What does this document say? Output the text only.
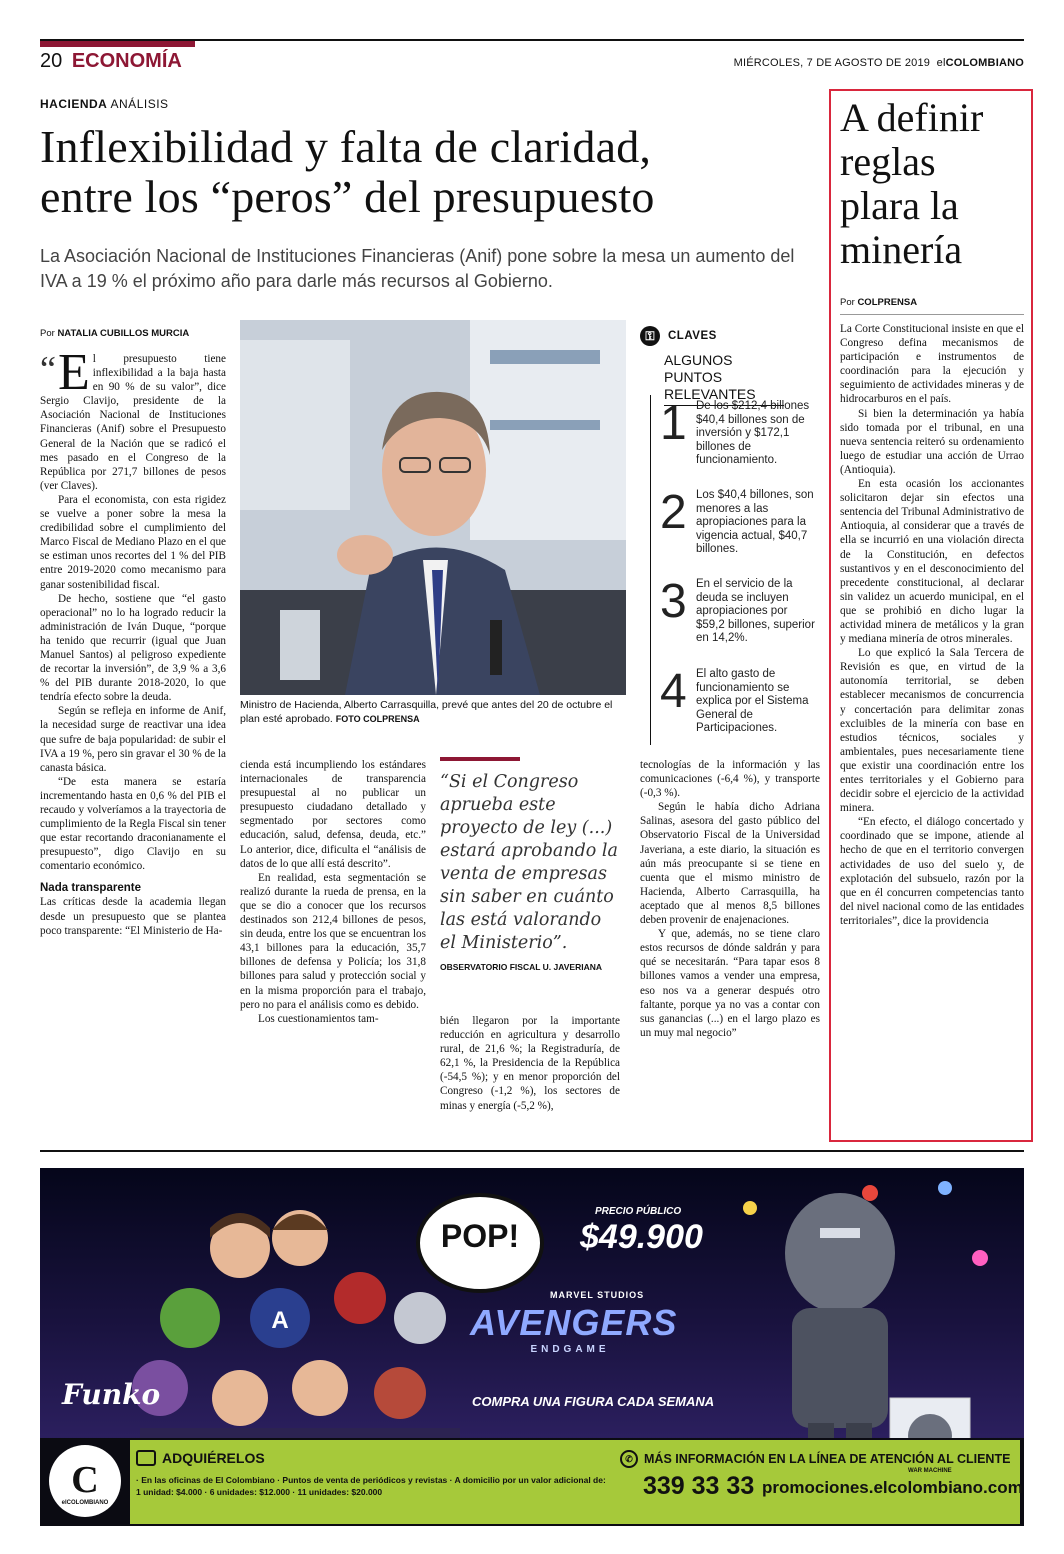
20 ECONOMÍA	MIÉRCOLES, 7 DE AGOSTO DE 2019 elCOLOMBIANO
HACIENDA ANÁLISIS
Inflexibilidad y falta de claridad,
entre los “peros” del presupuesto
La Asociación Nacional de Instituciones Financieras (Anif) pone sobre la mesa un aumento del IVA a 19 % el próximo año para darle más recursos al Gobierno.
Por NATALIA CUBILLOS MURCIA

“ E l presupuesto tiene inflexibilidad a la baja hasta en 90 % de su valor”, dice Sergio Clavijo, presidente de la Asociación Nacional de Instituciones Financieras (Anif) sobre el Presupuesto General de la Nación que se radicó el mes pasado en el Congreso de la República por 271,7 billones de pesos (ver Claves).

Para el economista, con esta rigidez se vuelve a poner sobre la mesa la credibilidad sobre el cumplimiento del Marco Fiscal de Mediano Plazo en el que se estiman unos recortes del 1 % del PIB entre 2019-2020 como mecanismo para ganar sostenibilidad fiscal.

De hecho, sostiene que “el gasto operacional” no lo ha logrado reducir la administración de Iván Duque, “porque ha tenido que recurrir (igual que Juan Manuel Santos) al peligroso expediente de recortar la inversión”, de 3,9 % a 3,6 % del PIB durante 2018-2020, lo que tendría efecto sobre la deuda.

Según se refleja en informe de Anif, la necesidad surge de reactivar una idea que sufre de baja popularidad: de subir el IVA a 19 %, pero sin gravar el 30 % de la canasta básica.

“De esta manera se estaría incrementando hasta en 0,6 % del PIB el recaudo y volveríamos a la trayectoria de cumplimiento de la Regla Fiscal sin tener que estar recortando draconianamente el presupuesto”, digo Clavijo en su comentario económico.

Nada transparente

Las críticas desde la academia llegan desde un presupuesto que se plantea poco transparente: “El Ministerio de Ha-

Ministro de Hacienda, Alberto Carrasquilla, prevé que antes del 20 de octubre el plan esté aprobado. FOTO COLPRENSA

cienda está incumpliendo los estándares internacionales de transparencia presupuestal al no publicar un presupuesto ciudadano detallado y segmentado por sectores como educación, salud, defensa, deuda, etc.” Lo anterior, dice, dificulta el “análisis de datos de lo que allí está descrito”.

En realidad, esta segmentación se realizó durante la rueda de prensa, en la que se dio a conocer que los recursos destinados son 212,4 billones de pesos, sin deuda, entre los que se encuentran los 43,1 billones para la educación, 35,7 billones de defensa y Policía; los 31,8 billones para salud y protección social y en la misma proporción para el trabajo, pero no para el análisis como es debido.

Los cuestionamientos tam-

“Si el Congreso aprueba este proyecto de ley (...) estará aprobando la venta de empresas sin saber en cuánto las está valorando el Ministerio”.
OBSERVATORIO FISCAL U. JAVERIANA

bién llegaron por la importante reducción en agricultura y desarrollo rural, de 21,6 %; la Registraduría, de 62,1 %, la Presidencia de la República (-54,5 %); y en menor proporción del Congreso (-1,2 %), los sectores de minas y energía (-5,2 %),

tecnologías de la información y las comunicaciones (-6,4 %), y transporte (-0,3 %).

Según le había dicho Adriana Salinas, asesora del gasto público del Observatorio Fiscal de la Universidad Javeriana, a este diario, la situación es aún más preocupante si se tiene en cuenta que el mismo ministro de Hacienda, Alberto Carrasquilla, ha aceptado que al menos 8,5 billones deben provenir de enajenaciones.

Y que, además, no se tiene claro estos recursos de dónde saldrán y para qué se necesitarán. “Para tapar esos 8 billones vamos a vender una empresa, eso nos va a generar después otro faltante, porque ya no vas a contar con sus ganancias (...) en el largo plazo es un muy mal negocio”

⚿	CLAVES
ALGUNOS PUNTOS RELEVANTES
1 De los $212,4 billones $40,4 billones son de inversión y $172,1 billones de funcionamiento.
2 Los $40,4 billones, son menores a las apropiaciones para la vigencia actual, $40,7 billones.
3 En el servicio de la deuda se incluyen apropiaciones por $59,2 billones, superior en 14,2%.
4 El alto gasto de funcionamiento se explica por el Sistema General de Participaciones.
A definir
reglas
plara la
minería
Por COLPRENSA

La Corte Constitucional insiste en que el Congreso defina mecanismos de participación e instrumentos de coordinación para la ejecución y seguimiento de actividades mineras y de hidrocarburos en el país.

Si bien la determinación ya había sido tomada por el tribunal, en una nueva sentencia reiteró su ordenamiento luego de estudiar una acción de Urrao (Antioquia).

En esta ocasión los accionantes solicitaron dejar sin efectos una sentencia del Tribunal Administrativo de Antioquia, al considerar que a través de ella se incurrió en una violación directa de la Constitución, en defectos sustantivos y en el desconocimiento del precedente constitucional, al declarar sin validez un acuerdo municipal, en el que se prohibió en dicho lugar la actividad minera de metálicos y la gran y mediana minería de otros minerales.

Lo que explicó la Sala Tercera de Revisión es que, en virtud de la autonomía territorial, se deben establecer mecanismos de concurrencia y concertación para delimitar zonas excluibles de la minería con base en estudios técnicos, sociales y ambientales, pues necesariamente tiene que existir una coordinación entre los entes territoriales y el Gobierno para decidir sobre el ejercicio de la actividad minera.

“En efecto, el diálogo concertado y coordinado que se impone, atiende al hecho de que en el territorio convergen actividades de uso del suelo y, de explotación del subsuelo, razón por la que en él concurren competencias tanto del nivel nacional como de las entidades territoriales”, dice la providencia

A
POP!
PRECIO PÚBLICO
$49.900
MARVEL STUDIOS
AVENGERS
ENDGAME
Funko	COMPRA UNA FIGURA CADA SEMANA
WAR MACHINE
C
elCOLOMBIANO
ADQUIÉRELOS
· En las oficinas de El Colombiano · Puntos de venta de periódicos y revistas · A domicilio por un valor adicional de:
1 unidad: $4.000 · 6 unidades: $12.000 · 11 unidades: $20.000
✆ MÁS INFORMACIÓN EN LA LÍNEA DE ATENCIÓN AL CLIENTE
339 33 33 promociones.elcolombiano.com
